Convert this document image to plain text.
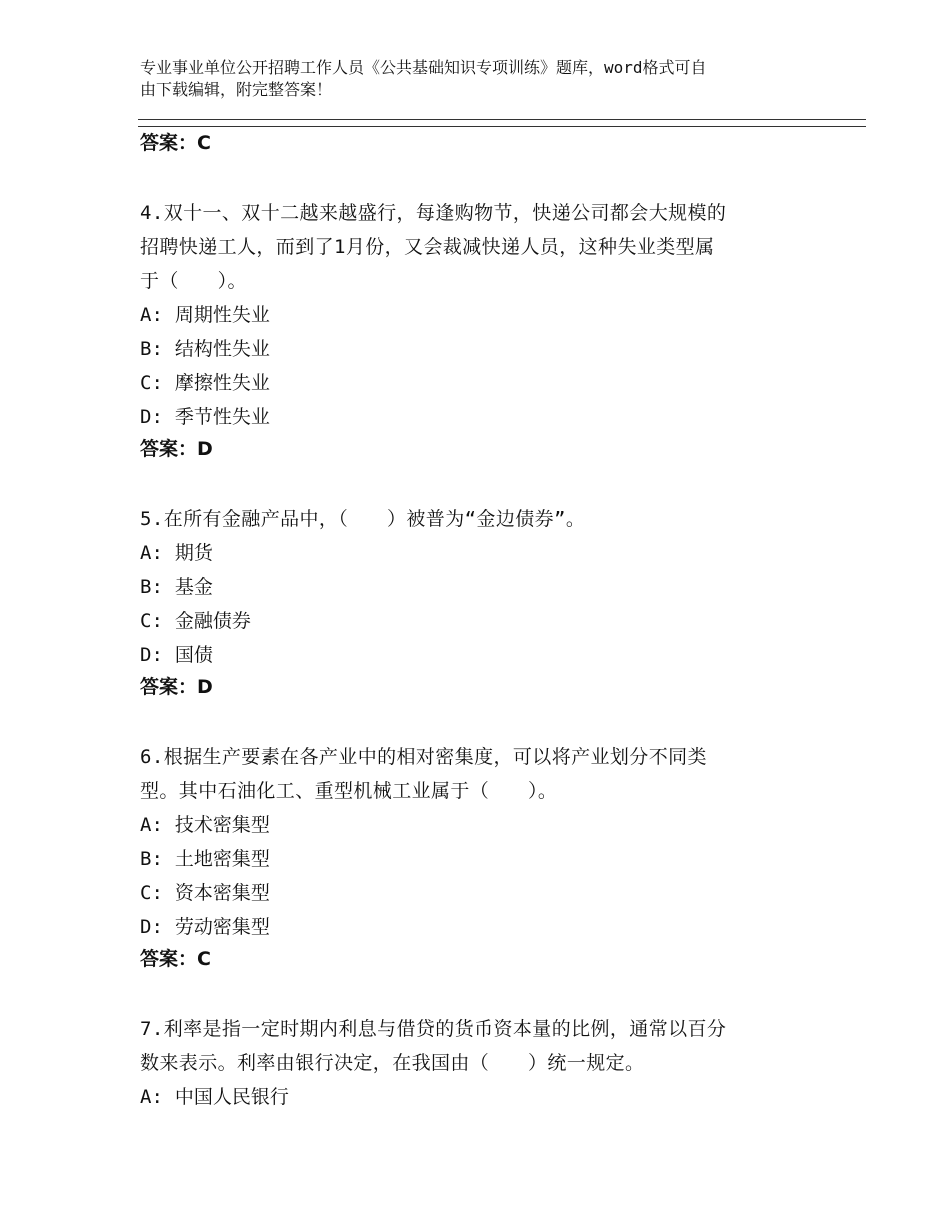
专业事业单位公开招聘工作人员《公共基础知识专项训练》题库，word格式可自
由下载编辑，附完整答案！

答案：C

4.双十一、双十二越来越盛行，每逢购物节，快递公司都会大规模的

招聘快递工人，而到了1月份，又会裁减快递人员，这种失业类型属

于（　　）。

A: 周期性失业

B: 结构性失业

C: 摩擦性失业

D: 季节性失业

答案：D

5.在所有金融产品中，（　　）被普为“金边债券”。

A: 期货

B: 基金

C: 金融债券

D: 国债

答案：D

6.根据生产要素在各产业中的相对密集度，可以将产业划分不同类

型。其中石油化工、重型机械工业属于（　　）。

A: 技术密集型

B: 土地密集型

C: 资本密集型

D: 劳动密集型

答案：C

7.利率是指一定时期内利息与借贷的货币资本量的比例，通常以百分

数来表示。利率由银行决定，在我国由（　　）统一规定。

A: 中国人民银行
